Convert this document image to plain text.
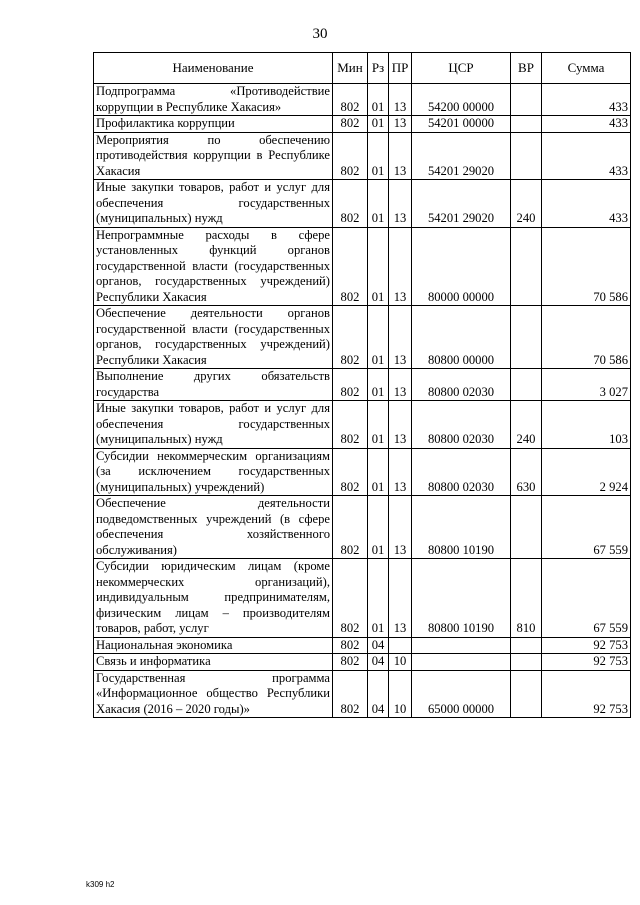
30
Наименование	Мин	Рз	ПР	ЦСР	ВР	Сумма
Подпрограмма «Противодействие коррупции в Республике Хакасия»	802	01	13	54200 00000		433
Профилактика коррупции	802	01	13	54201 00000		433
Мероприятия по обеспечению противодействия коррупции в Республике Хакасия	802	01	13	54201 29020		433
Иные закупки товаров, работ и услуг для обеспечения государственных (муниципальных) нужд	802	01	13	54201 29020	240	433
Непрограммные расходы в сфере установленных функций органов государственной власти (государственных органов, государственных учреждений) Республики Хакасия	802	01	13	80000 00000		70 586
Обеспечение деятельности органов государственной власти (государственных органов, государственных учреждений) Республики Хакасия	802	01	13	80800 00000		70 586
Выполнение других обязательств государства	802	01	13	80800 02030		3 027
Иные закупки товаров, работ и услуг для обеспечения государственных (муниципальных) нужд	802	01	13	80800 02030	240	103
Субсидии некоммерческим организациям (за исключением государственных (муниципальных) учреждений)	802	01	13	80800 02030	630	2 924
Обеспечение деятельности подведомственных учреждений (в сфере обеспечения хозяйственного обслуживания)	802	01	13	80800 10190		67 559
Субсидии юридическим лицам (кроме некоммерческих организаций), индивидуальным предпринимателям, физическим лицам – производителям товаров, работ, услуг	802	01	13	80800 10190	810	67 559
Национальная экономика	802	04				92 753
Связь и информатика	802	04	10			92 753
Государственная программа «Информационное общество Республики Хакасия (2016 – 2020 годы)»	802	04	10	65000 00000		92 753
k309 h2
